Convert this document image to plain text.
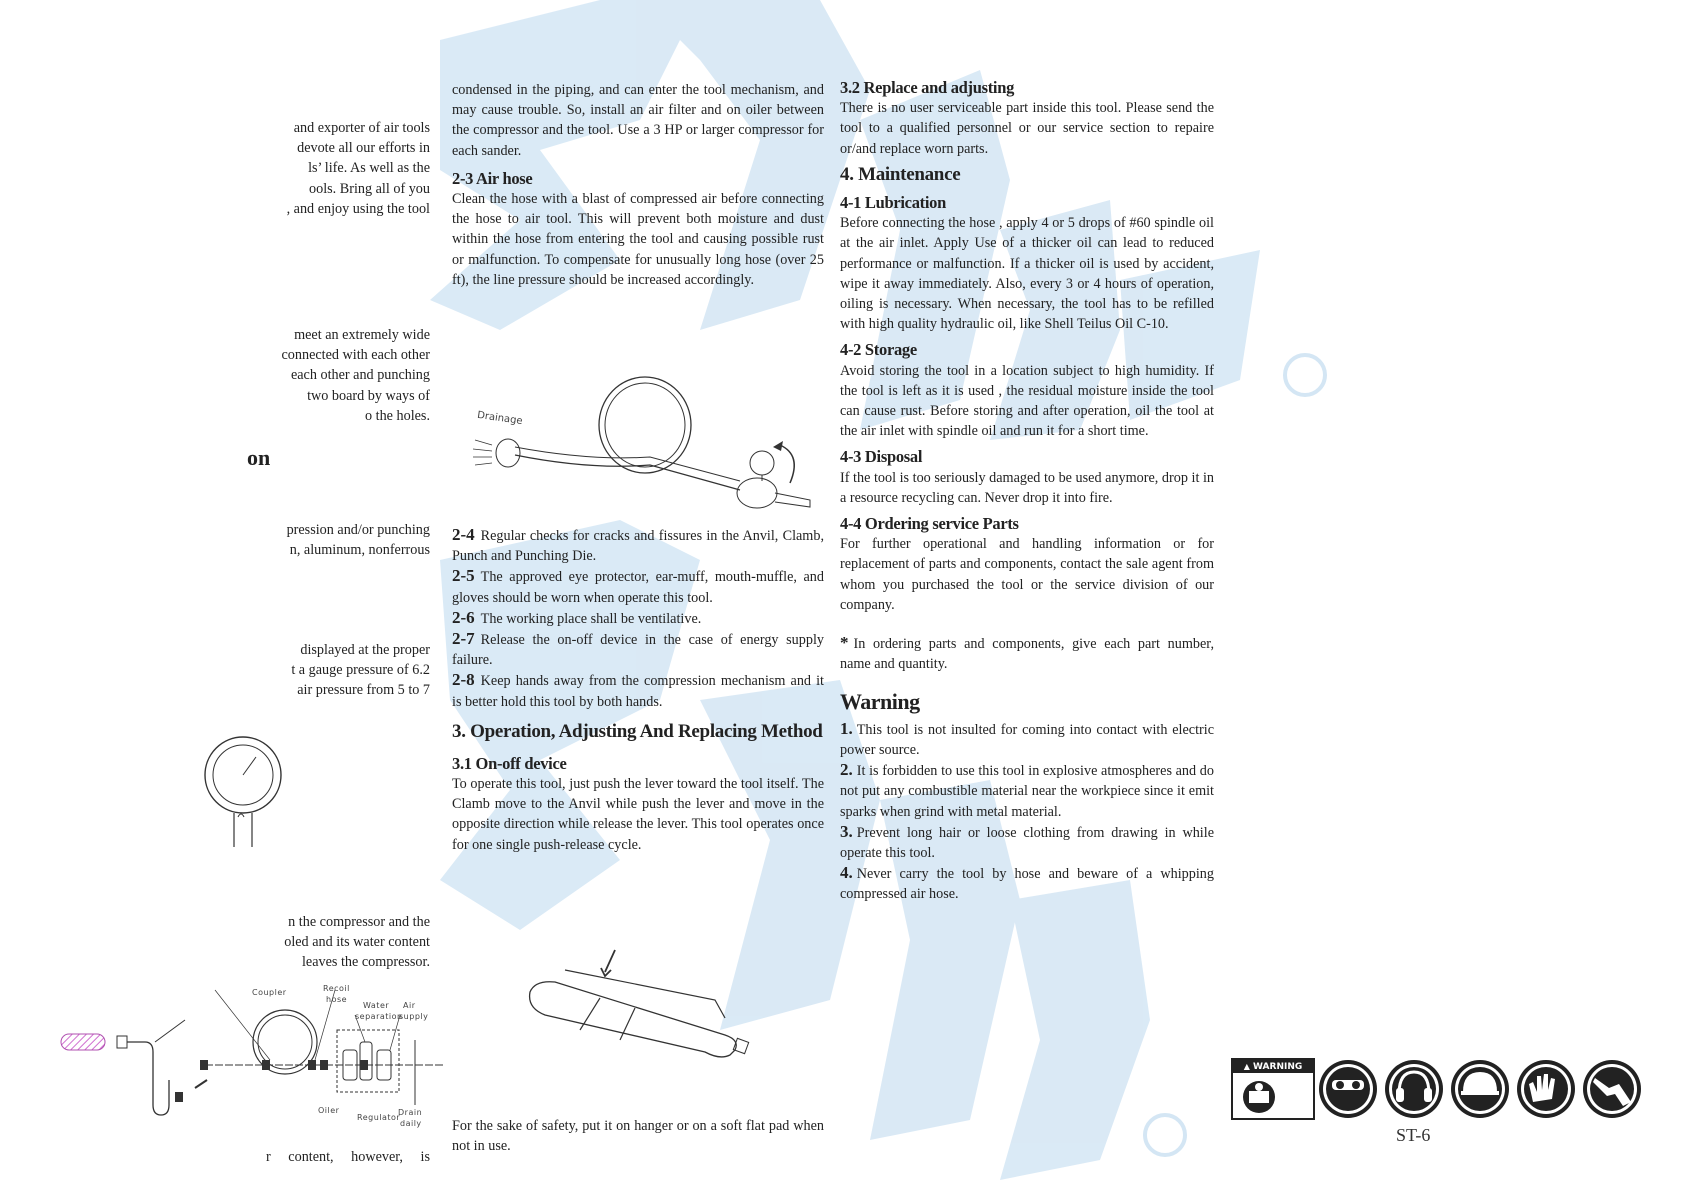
and exporter of air tools

devote all our efforts in

ls’ life. As well as the

ools. Bring all of you

, and enjoy using the tool

meet an extremely wide

connected with each other

each other and punching

two board by ways of

o the holes.

on

pression and/or punching

n, aluminum, nonferrous

displayed at the proper

t a gauge pressure of 6.2

air pressure from 5 to 7

n the compressor and the

oled and its water content

leaves the compressor.

r content, however, is

Coupler	Recoil
hose
Water
separation
Air
supply
Oiler
Regulator
Drain
daily

condensed in the piping, and can enter the tool mechanism, and may cause trouble. So, install an air filter and on oiler between the compressor and the tool. Use a 3 HP or larger compressor for each sander.

2-3 Air hose

Clean the hose with a blast of compressed air before connecting the hose to air tool. This will prevent both moisture and dust within the hose from entering the tool and causing possible rust or malfunction. To compensate for unusually long hose (over 25 ft), the line pressure should be increased accordingly.

Drainage

2-4 Regular checks for cracks and fissures in the Anvil, Clamb, Punch and Punching Die.

2-5 The approved eye protector, ear-muff, mouth-muffle, and gloves should be worn when operate this tool.

2-6 The working place shall be ventilative.

2-7 Release the on-off device in the case of energy supply failure.

2-8 Keep hands away from the compression mechanism and it is better hold this tool by both hands.

3. Operation, Adjusting And Replacing Method
3.1 On-off device

To operate this tool, just push the lever toward the tool itself. The Clamb move to the Anvil while push the lever and move in the opposite direction while release the lever. This tool operates once for one single push-release cycle.

For the sake of safety, put it on hanger or on a soft flat pad when not in use.

3.2 Replace and adjusting

There is no user serviceable part inside this tool. Please send the tool to a qualified personnel or our service section to repaire or/and replace worn parts.

4. Maintenance
4-1 Lubrication

Before connecting the hose , apply 4 or 5 drops of #60 spindle oil at the air inlet. Apply Use of a thicker oil can lead to reduced performance or malfunction. If a thicker oil is used by accident, wipe it away immediately. Also, every 3 or 4 hours of operation, oiling is necessary. When necessary, the tool has to be refilled with high quality hydraulic oil, like Shell Teilus Oil C-10.

4-2 Storage

Avoid storing the tool in a location subject to high humidity. If the tool is left as it is used , the residual moisture inside the tool can cause rust. Before storing and after operation, oil the tool at the air inlet with spindle oil and run it for a short time.

4-3 Disposal

If the tool is too seriously damaged to be used anymore, drop it in a resource recycling can. Never drop it into fire.

4-4 Ordering service Parts

For further operational and handling information or for replacement of parts and components, contact the sale agent from whom you purchased the tool or the service division of our company.

* In ordering parts and components, give each part number, name and quantity.

Warning

1. This tool is not insulted for coming into contact with electric power source.

2. It is forbidden to use this tool in explosive atmospheres and do not put any combustible material near the workpiece since it emit sparks when grind with metal material.

3. Prevent long hair or loose clothing from drawing in while operate this tool.

4. Never carry the tool by hose and beware of a whipping compressed air hose.

▲ WARNING
ST-6
